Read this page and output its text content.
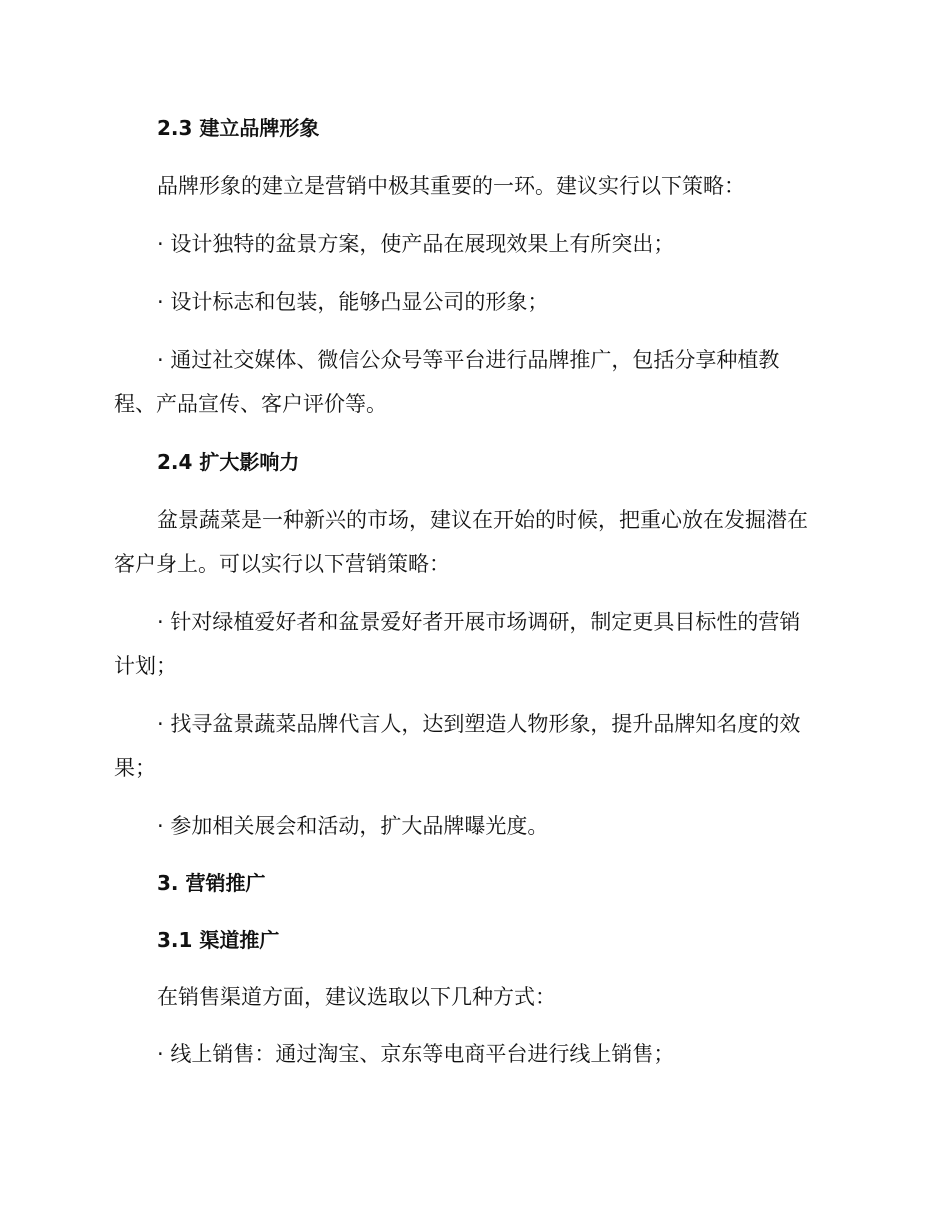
2.3 建立品牌形象
品牌形象的建立是营销中极其重要的一环。建议实行以下策略：
· 设计独特的盆景方案，使产品在展现效果上有所突出；
· 设计标志和包装，能够凸显公司的形象；
· 通过社交媒体、微信公众号等平台进行品牌推广，包括分享种植教
程、产品宣传、客户评价等。
2.4 扩大影响力
盆景蔬菜是一种新兴的市场，建议在开始的时候，把重心放在发掘潜在
客户身上。可以实行以下营销策略：
· 针对绿植爱好者和盆景爱好者开展市场调研，制定更具目标性的营销
计划；
· 找寻盆景蔬菜品牌代言人，达到塑造人物形象，提升品牌知名度的效
果；
· 参加相关展会和活动，扩大品牌曝光度。
3. 营销推广
3.1 渠道推广
在销售渠道方面，建议选取以下几种方式：
· 线上销售：通过淘宝、京东等电商平台进行线上销售；
